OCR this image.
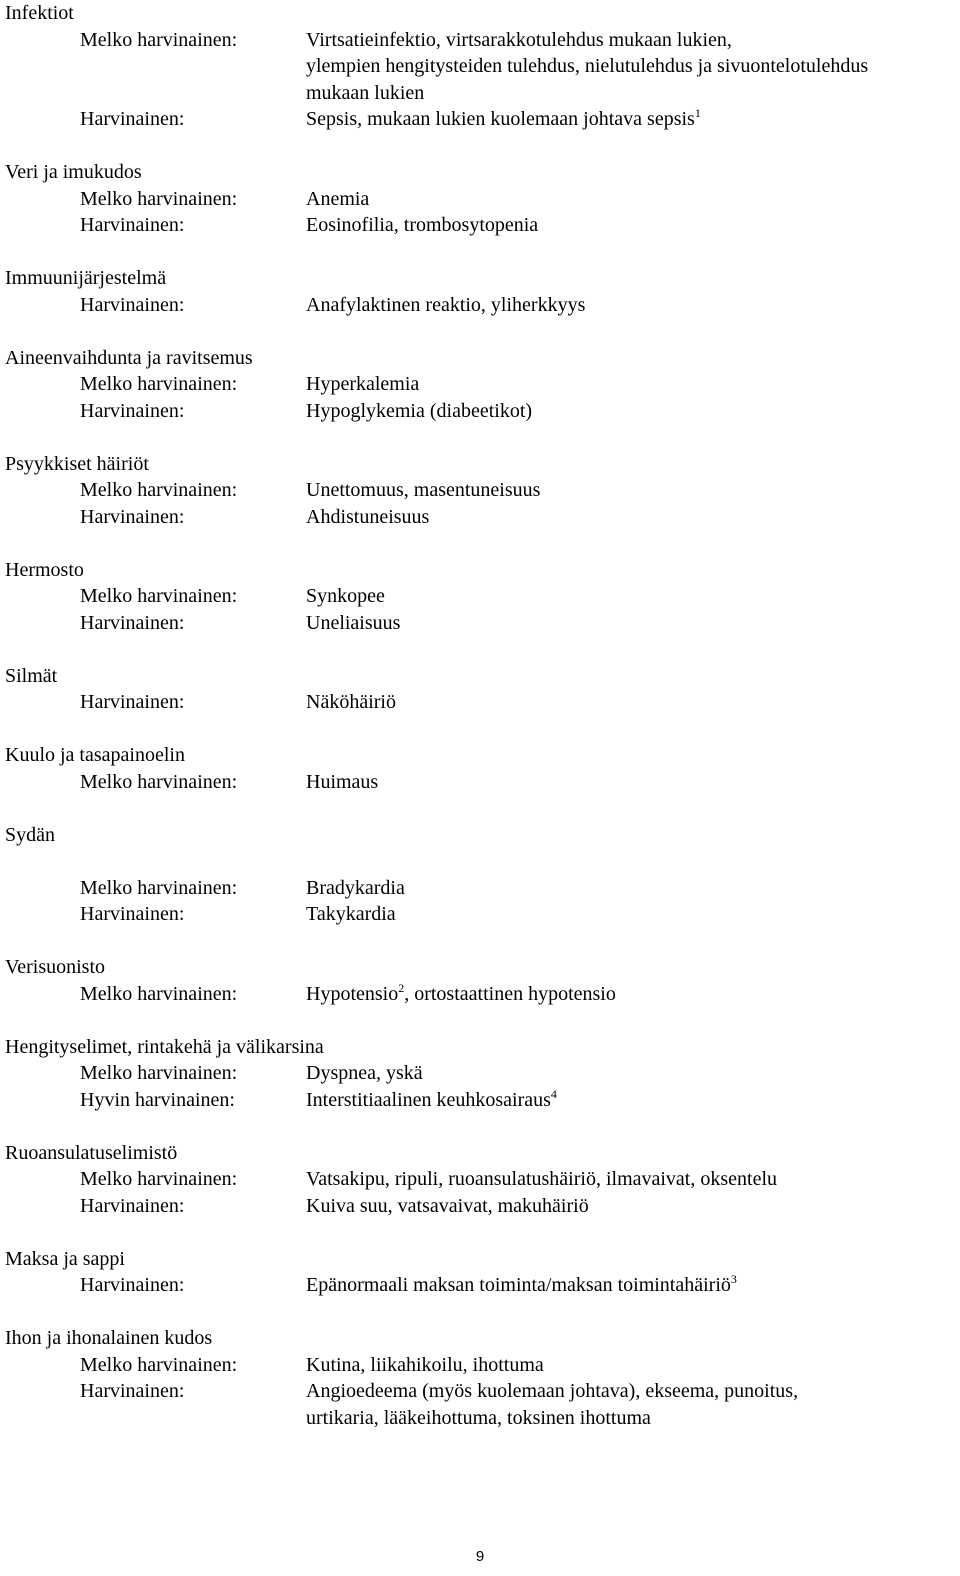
Infektiot
Melko harvinainen:	Virtsatieinfektio, virtsarakkotulehdus mukaan lukien,
ylempien hengitysteiden tulehdus, nielutulehdus ja sivuontelotulehdus
mukaan lukien
Harvinainen:	Sepsis, mukaan lukien kuolemaan johtava sepsis$^1$
Veri ja imukudos
Melko harvinainen:	Anemia
Harvinainen:	Eosinofilia, trombosytopenia
Immuunijärjestelmä
Harvinainen:	Anafylaktinen reaktio, yliherkkyys
Aineenvaihdunta ja ravitsemus
Melko harvinainen:	Hyperkalemia
Harvinainen:	Hypoglykemia (diabeetikot)
Psyykkiset häiriöt
Melko harvinainen:	Unettomuus, masentuneisuus
Harvinainen:	Ahdistuneisuus
Hermosto
Melko harvinainen:	Synkopee
Harvinainen:	Uneliaisuus
Silmät
Harvinainen:	Näköhäiriö
Kuulo ja tasapainoelin
Melko harvinainen:	Huimaus
Sydän
Melko harvinainen:	Bradykardia
Harvinainen:	Takykardia
Verisuonisto
Melko harvinainen:	Hypotensio$^2$, ortostaattinen hypotensio
Hengityselimet, rintakehä ja välikarsina
Melko harvinainen:	Dyspnea, yskä
Hyvin harvinainen:	Interstitiaalinen keuhkosairaus$^4$
Ruoansulatuselimistö
Melko harvinainen:	Vatsakipu, ripuli, ruoansulatushäiriö, ilmavaivat, oksentelu
Harvinainen:	Kuiva suu, vatsavaivat, makuhäiriö
Maksa ja sappi
Harvinainen:	Epänormaali maksan toiminta/maksan toimintahäiriö$^3$
Ihon ja ihonalainen kudos
Melko harvinainen:	Kutina, liikahikoilu, ihottuma
Harvinainen:	Angioedeema (myös kuolemaan johtava), ekseema, punoitus,
urtikaria, lääkeihottuma, toksinen ihottuma
9
